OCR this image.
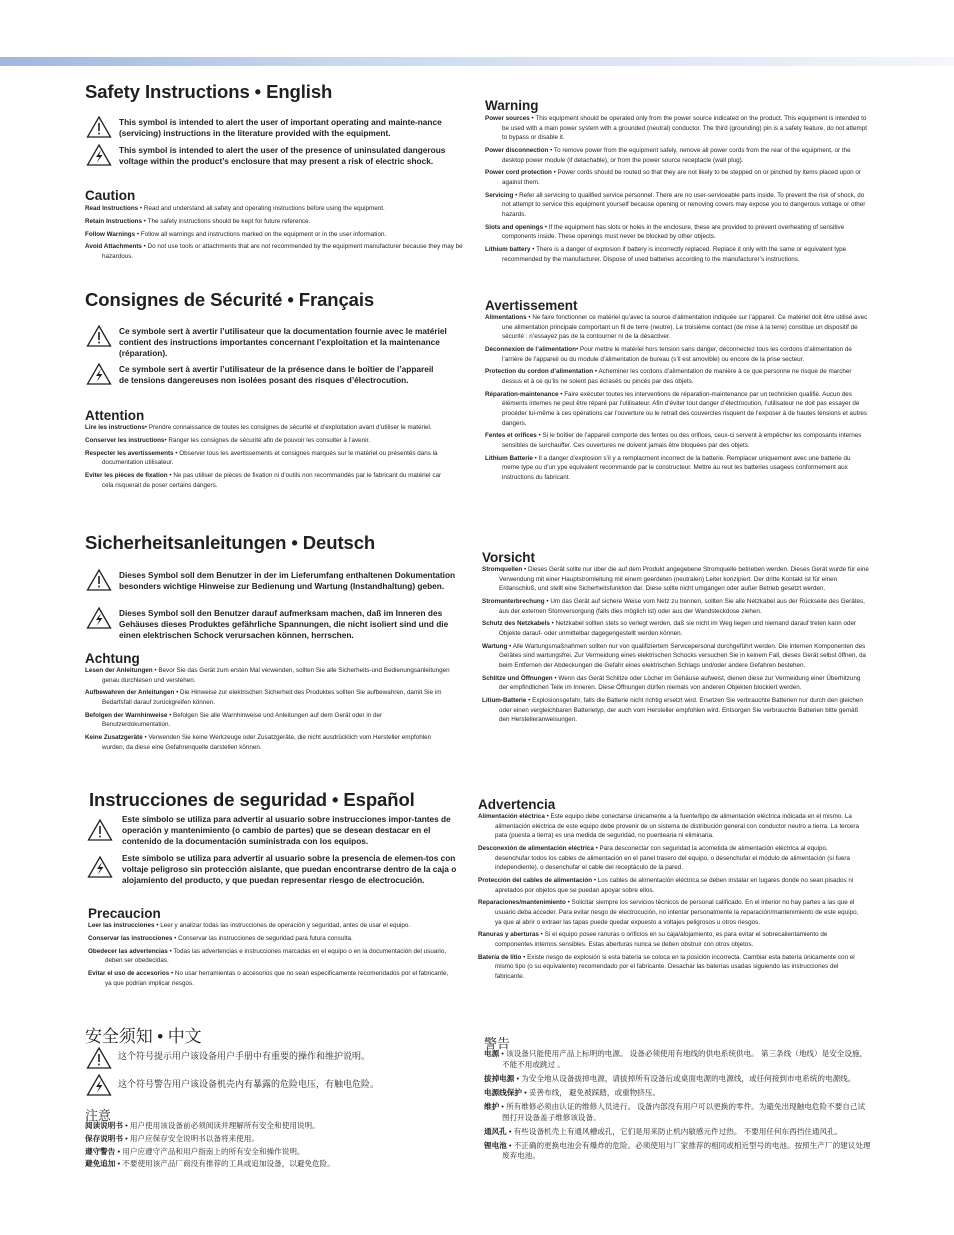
Safety Instructions • English
This symbol is intended to alert the user of important operating and mainte-nance (servicing) instructions in the literature provided with the equipment.
This symbol is intended to alert the user of the presence of uninsulated dangerous voltage within the product’s enclosure that may present a risk of electric shock.
Caution
Read Instructions • Read and understand all safety and operating instructions before using the equipment.
Retain Instructions • The safety instructions should be kept for future reference.
Follow Warnings • Follow all warnings and instructions marked on the equipment or in the user information.
Avoid Attachments • Do not use tools or attachments that are not recommended by the equipment manufacturer because they may be hazardous.
Warning
Power sources • This equipment should be operated only from the power source indicated on the product. This equipment is intended to be used with a main power system with a grounded (neutral) conductor. The third (grounding) pin is a safety feature, do not attempt to bypass or disable it.
Power disconnection • To remove power from the equipment safely, remove all power cords from the rear of the equipment, or the desktop power module (if detachable), or from the power source receptacle (wall plug).
Power cord protection • Power cords should be routed so that they are not likely to be stepped on or pinched by items placed upon or against them.
Servicing • Refer all servicing to qualified service personnel. There are no user-serviceable parts inside. To prevent the risk of shock, do not attempt to service this equipment yourself because opening or removing covers may expose you to dangerous voltage or other hazards.
Slots and openings • If the equipment has slots or holes in the enclosure, these are provided to prevent overheating of sensitive components inside. These openings must never be blocked by other objects.
Lithium battery • There is a danger of explosion if battery is incorrectly replaced. Replace it only with the same or equivalent type recommended by the manufacturer. Dispose of used batteries according to the manufacturer’s instructions.
Consignes de Sécurité • Français
Ce symbole sert à avertir l’utilisateur que la documentation fournie avec le matériel contient des instructions importantes concernant l’exploitation et la maintenance (réparation).
Ce symbole sert à avertir l’utilisateur de la présence dans le boîtier de l’appareil de tensions dangereuses non isolées posant des risques d’électrocution.
Attention
Lire les instructions• Prendre connaissance de toutes les consignes de sécurité et d’exploitation avant d’utiliser le matériel.
Conserver les instructions• Ranger les consignes de sécurité afin de pouvoir les consulter à l’avenir.
Respecter les avertissements • Observer tous les avertissements et consignes marqués sur le matériel ou présentés dans la documentation utilisateur.
Eviter les pièces de fixation • Ne pas utiliser de pièces de fixation ni d’outils non recommandés par le fabricant du matériel car cela risquerait de poser certains dangers.
Avertissement
Alimentations • Ne faire fonctionner ce matériel qu’avec la source d’alimentation indiquée sur l’appareil. Ce matériel doit être utilisé avec une alimentation principale comportant un fil de terre (neutre). Le troisième contact (de mise à la terre) constitue un dispositif de sécurité : n’essayez pas de la contourner ni de la désactiver.
Déconnexion de l’alimentation• Pour mettre le matériel hors tension sans danger, déconnectez tous les cordons d’alimentation de l’arrière de l’appareil ou du module d’alimentation de bureau (s’il est amovible) ou encore de la prise secteur.
Protection du cordon d’alimentation • Acheminer les cordons d’alimentation de manière à ce que personne ne risque de marcher dessus et à ce qu’ils ne soient pas écrasés ou pincés par des objets.
Réparation-maintenance • Faire exécuter toutes les interventions de réparation-maintenance par un technicien qualifié. Aucun des éléments internes ne peut être réparé par l’utilisateur. Afin d’éviter tout danger d’électrocution, l’utilisateur ne doit pas essayer de procéder lui-même à ces opérations car l’ouverture ou le retrait des couvercles risquent de l’exposer à de hautes tensions et autres dangers.
Fentes et orifices • Si le boîtier de l’appareil comporte des fentes ou des orifices, ceux-ci servent à empêcher les composants internes sensibles de surchauffer. Ces ouvertures ne doivent jamais être bloquées par des objets.
Lithium Batterie • Il a danger d’explosion s’il y a remplacment incorrect de la batterie. Remplacer uniquement avec une batterie du meme type ou d’un ype equivalent recommande par le constructeur. Mettre au reut les batteries usagees conformement aux instructions du fabricant.
Sicherheitsanleitungen • Deutsch
Dieses Symbol soll dem Benutzer in der im Lieferumfang enthaltenen Dokumentation besonders wichtige Hinweise zur Bedienung und Wartung (Instandhaltung) geben.
Dieses Symbol soll den Benutzer darauf aufmerksam machen, daß im Inneren des Gehäuses dieses Produktes gefährliche Spannungen, die nicht isoliert sind und die einen elektrischen Schock verursachen können, herrschen.
Achtung
Lesen der Anleitungen • Bevor Sie das Gerät zum ersten Mal verwenden, sollten Sie alle Sicherheits-und Bedienungsanleitungen genau durchlesen und verstehen.
Aufbewahren der Anleitungen • Die Hinweise zur elektrischen Sicherheit des Produktes sollten Sie aufbewahren, damit Sie im Bedarfsfall darauf zurückgreifen können.
Befolgen der Warnhinweise • Befolgen Sie alle Warnhinweise und Anleitungen auf dem Gerät oder in der Benutzerdokumentation.
Keine Zusatzgeräte • Verwenden Sie keine Werkzeuge oder Zusatzgeräte, die nicht ausdrücklich vom Hersteller empfohlen wurden, da diese eine Gefahrenquelle darstellen können.
Vorsicht
Stromquellen • Dieses Gerät sollte nur über die auf dem Produkt angegebene Stromquelle betrieben werden. Dieses Gerät wurde für eine Verwendung mit einer Hauptstromleitung mit einem geerdeten (neutralen) Leiter konzipiert. Der dritte Kontakt ist für einen Erdanschluß, und stellt eine Sicherheitsfunktion dar. Diese sollte nicht umgangen oder außer Betrieb gesetzt werden.
Stromunterbrechung • Um das Gerät auf sichere Weise vom Netz zu trennen, sollten Sie alle Netzkabel aus der Rückseite des Gerätes, aus der externen Stomversorgung (falls dies möglich ist) oder aus der Wandsteckdose ziehen.
Schutz des Netzkabels • Netzkabel sollten stets so verlegt werden, daß sie nicht im Weg liegen und niemand darauf treten kann oder Objekte darauf- oder unmittelbar dagegengestellt werden können.
Wartung • Alle Wartungsmaßnahmen sollten nur von qualifiziertem Servicepersonal durchgeführt werden. Die internen Komponenten des Gerätes sind wartungsfrei. Zur Vermeidung eines elektrischen Schocks versuchen Sie in keinem Fall, dieses Gerät selbst öffnen, da beim Entfernen der Abdeckungen die Gefahr eines elektrischen Schlags und/oder andere Gefahren bestehen.
Schlitze und Öffnungen • Wenn das Gerät Schlitze oder Löcher im Gehäuse aufweist, dienen diese zur Vermeidung einer Überhitzung der empfindlichen Teile im Inneren. Diese Öffnungen dürfen niemals von anderen Objekten blockiert werden.
Litium-Batterie • Explosionsgefahr, falls die Batterie nicht richtig ersetzt wird. Ersetzen Sie verbrauchte Batterien nur durch den gleichen oder einen vergleichbaren Batterietyp, der auch vom Hersteller empfohlen wird. Entsorgen Sie verbrauchte Batterien bitte gemäß den Herstelleranweisungen.
Instrucciones de seguridad • Español
Este símbolo se utiliza para advertir al usuario sobre instrucciones impor-tantes de operación y mantenimiento (o cambio de partes) que se desean destacar en el contenido de la documentación suministrada con los equipos.
Este símbolo se utiliza para advertir al usuario sobre la presencia de elemen-tos con voltaje peligroso sin protección aislante, que puedan encontrarse dentro de la caja o alojamiento del producto, y que puedan representar riesgo de electrocución.
Precaucion
Leer las instrucciones • Leer y analizar todas las instrucciones de operación y seguridad, antes de usar el equipo.
Conservar las instrucciones • Conservar las instrucciones de seguridad para futura consulta.
Obedecer las advertencias • Todas las advertencias e instrucciones marcadas en el equipo o en la documentación del usuario, deben ser obedecidas.
Evitar el uso de accesorios • No usar herramientas o accesorios que no sean especificamente recomendados por el fabricante, ya que podrian implicar riesgos.
Advertencia
Alimentación eléctrica • Este equipo debe conectarse únicamente a la fuente/tipo de alimentación eléctrica indicada en el mismo. La alimentación eléctrica de este equipo debe provenir de un sistema de distribución general con conductor neutro a tierra. La tercera pata (puesta a tierra) es una medida de seguridad, no puentearia ni eliminaria.
Desconexión de alimentación eléctrica • Para desconectar con seguridad la acometida de alimentación eléctrica al equipo, desenchufar todos los cables de alimentación en el panel trasero del equipo, o desenchufar el módulo de alimentación (si fuera independiente), o desenchufar el cable del receptáculo de la pared.
Protección del cables de alimentación • Los cables de alimentación eléctrica se deben instalar en lugares donde no sean pisados ni apretados por objetos que se puedan apoyar sobre ellos.
Reparaciones/mantenimiento • Solicitar siempre los servicios técnicos de personal calificado. En el interior no hay partes a las que el usuario deba acceder. Para evitar riesgo de electrocución, no intentar personalmente la reparación/mantenimiento de este equipo, ya que al abrir o extraer las tapas puede quedar expuesto a voltajes peligrosos u otros riesgos.
Ranuras y aberturas • Si el equipo posee ranuras o orificios en su caja/alojamiento, es para evitar el sobrecalientamiento de componentes internos sensibles. Estas aberturas nunca se deben obstruir con otros objetos.
Batería de litio • Existe riesgo de explosión si esta batería se coloca en la posición incorrecta. Cambiar esta batería únicamente con el mismo tipo (o su equivalente) recomendado por el fabricante. Desachar las baterías usadas siguiendo las instrucciones del fabricante.
安全须知 • 中文
这个符号提示用户该设备用户手册中有重要的操作和维护说明。
这个符号警告用户该设备机壳内有暴露的危险电压，有触电危险。
注意
阅读说明书 • 用户使用该设备前必须阅读并理解所有安全和使用说明。
保存说明书 • 用户应保存安全说明书以备将来使用。
遵守警告 • 用户应遵守产品和用户指南上的所有安全和操作说明。
避免追加 • 不要使用该产品厂商没有推荐的工具或追加设备，以避免危险。
警告
电源 • 该设备只能使用产品上标明的电源。 设备必须使用有地线的供电系统供电。 第三条线（地线）是安全设施，不能不用或跳过 。
拔掉电源 • 为安全地从设备拔掉电源，请拔掉所有设备后或桌面电源的电源线，或任何接到市电系统的电源线。
电源线保护 • 妥善布线， 避免被踩踏，或重物挤压。
维护 • 所有维修必须由认证的维修人员进行。 设备内部没有用户可以更换的零件。为避免出现触电危险不要自己试图打开设备盖子维修该设备。
通风孔 • 有些设备机壳上有通风槽或孔，它们是用来防止机内敏感元件过热。 不要用任何东西挡住通风孔。
锂电池 • 不正确的更换电池会有爆炸的危险。必须使用与厂家推荐的相同或相近型号的电池。按照生产厂的建议处理废弃电池。
